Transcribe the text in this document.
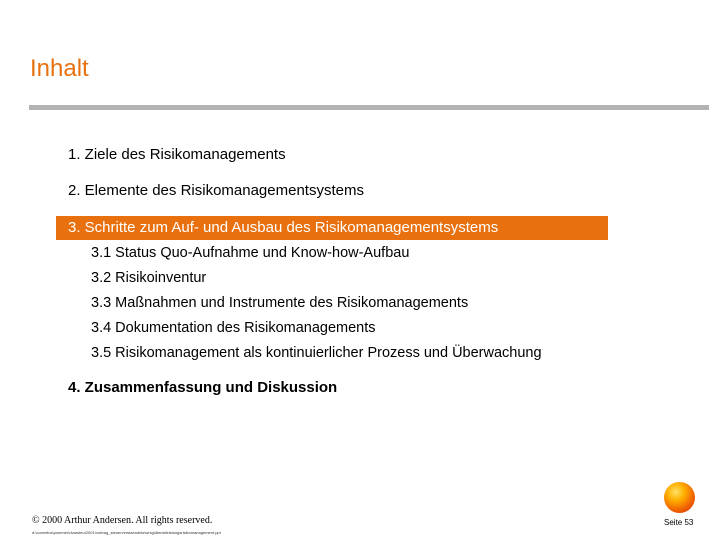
Inhalt
1. Ziele des Risikomanagements
2. Elemente des Risikomanagementsystems
3. Schritte zum Auf- und Ausbau des Risikomanagementsystems
3.1 Status Quo-Aufnahme und Know-how-Aufbau
3.2 Risikoinventur
3.3 Maßnahmen und Instrumente des Risikomanagements
3.4 Dokumentation des Risikomanagements
3.5 Risikomanagement als kontinuierlicher Prozess und Überwachung
4. Zusammenfassung und Diskussion
© 2000 Arthur Andersen. All rights reserved.
d:\cornelius\pommer\dvarsteu\2001\vortrag_steuerverstaendnis\wrsg\dienstleistungsrisikomanagement.ppt
Seite 53
